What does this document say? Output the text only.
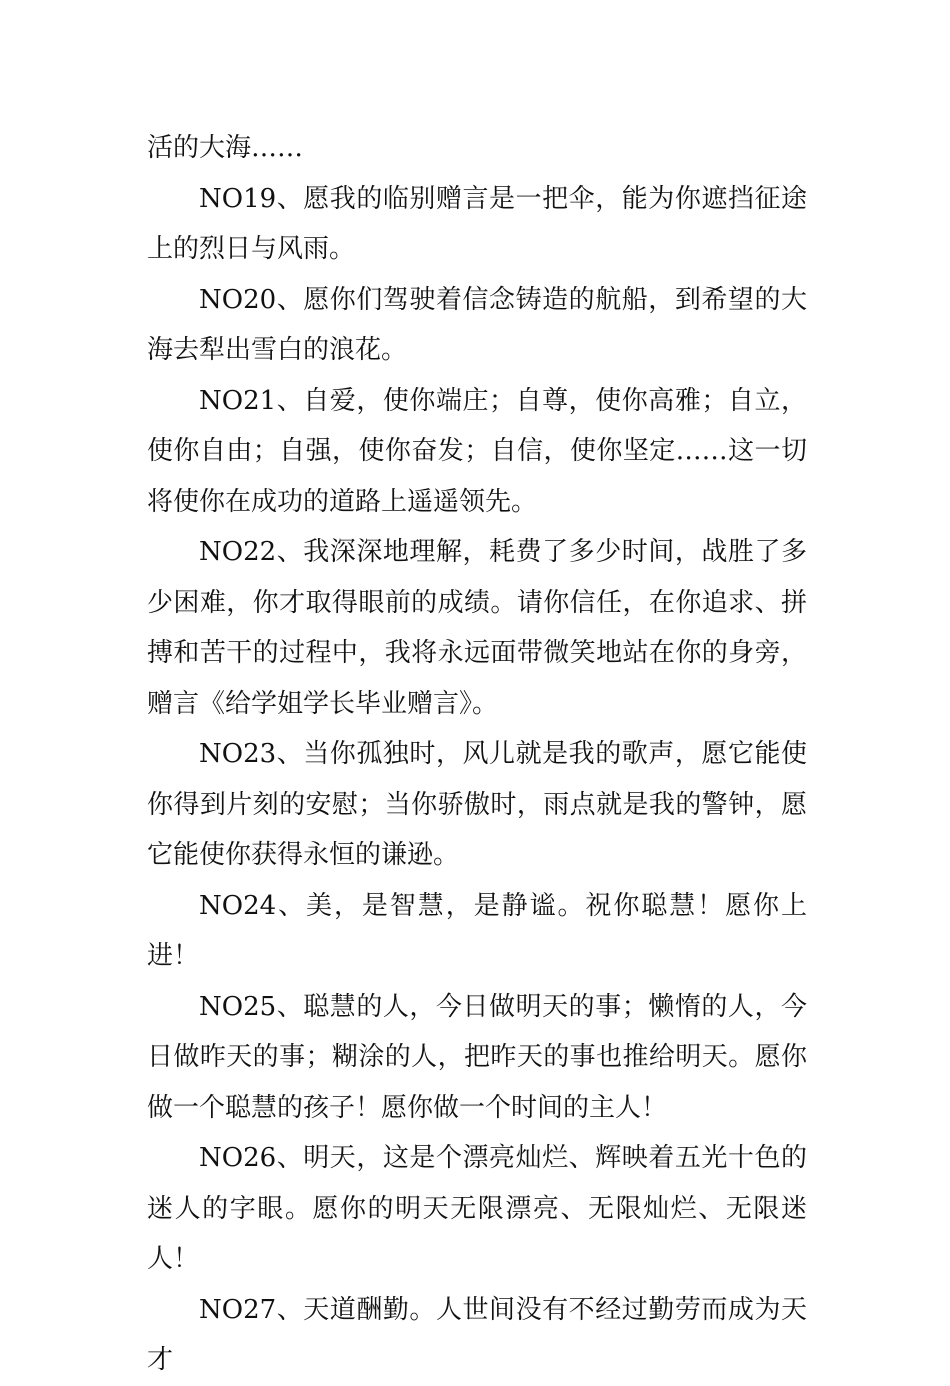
活的大海……

NO19、愿我的临别赠言是一把伞，能为你遮挡征途上的烈日与风雨。

NO20、愿你们驾驶着信念铸造的航船，到希望的大海去犁出雪白的浪花。

NO21、自爱，使你端庄；自尊，使你高雅；自立，使你自由；自强，使你奋发；自信，使你坚定……这一切将使你在成功的道路上遥遥领先。

NO22、我深深地理解，耗费了多少时间，战胜了多少困难，你才取得眼前的成绩。请你信任，在你追求、拼搏和苦干的过程中，我将永远面带微笑地站在你的身旁，赠言《给学姐学长毕业赠言》。

NO23、当你孤独时，风儿就是我的歌声，愿它能使你得到片刻的安慰；当你骄傲时，雨点就是我的警钟，愿它能使你获得永恒的谦逊。

NO24、美，是智慧，是静谧。祝你聪慧！愿你上进！

NO25、聪慧的人，今日做明天的事；懒惰的人，今日做昨天的事；糊涂的人，把昨天的事也推给明天。愿你做一个聪慧的孩子！愿你做一个时间的主人！

NO26、明天，这是个漂亮灿烂、辉映着五光十色的迷人的字眼。愿你的明天无限漂亮、无限灿烂、无限迷人！

NO27、天道酬勤。人世间没有不经过勤劳而成为天才
